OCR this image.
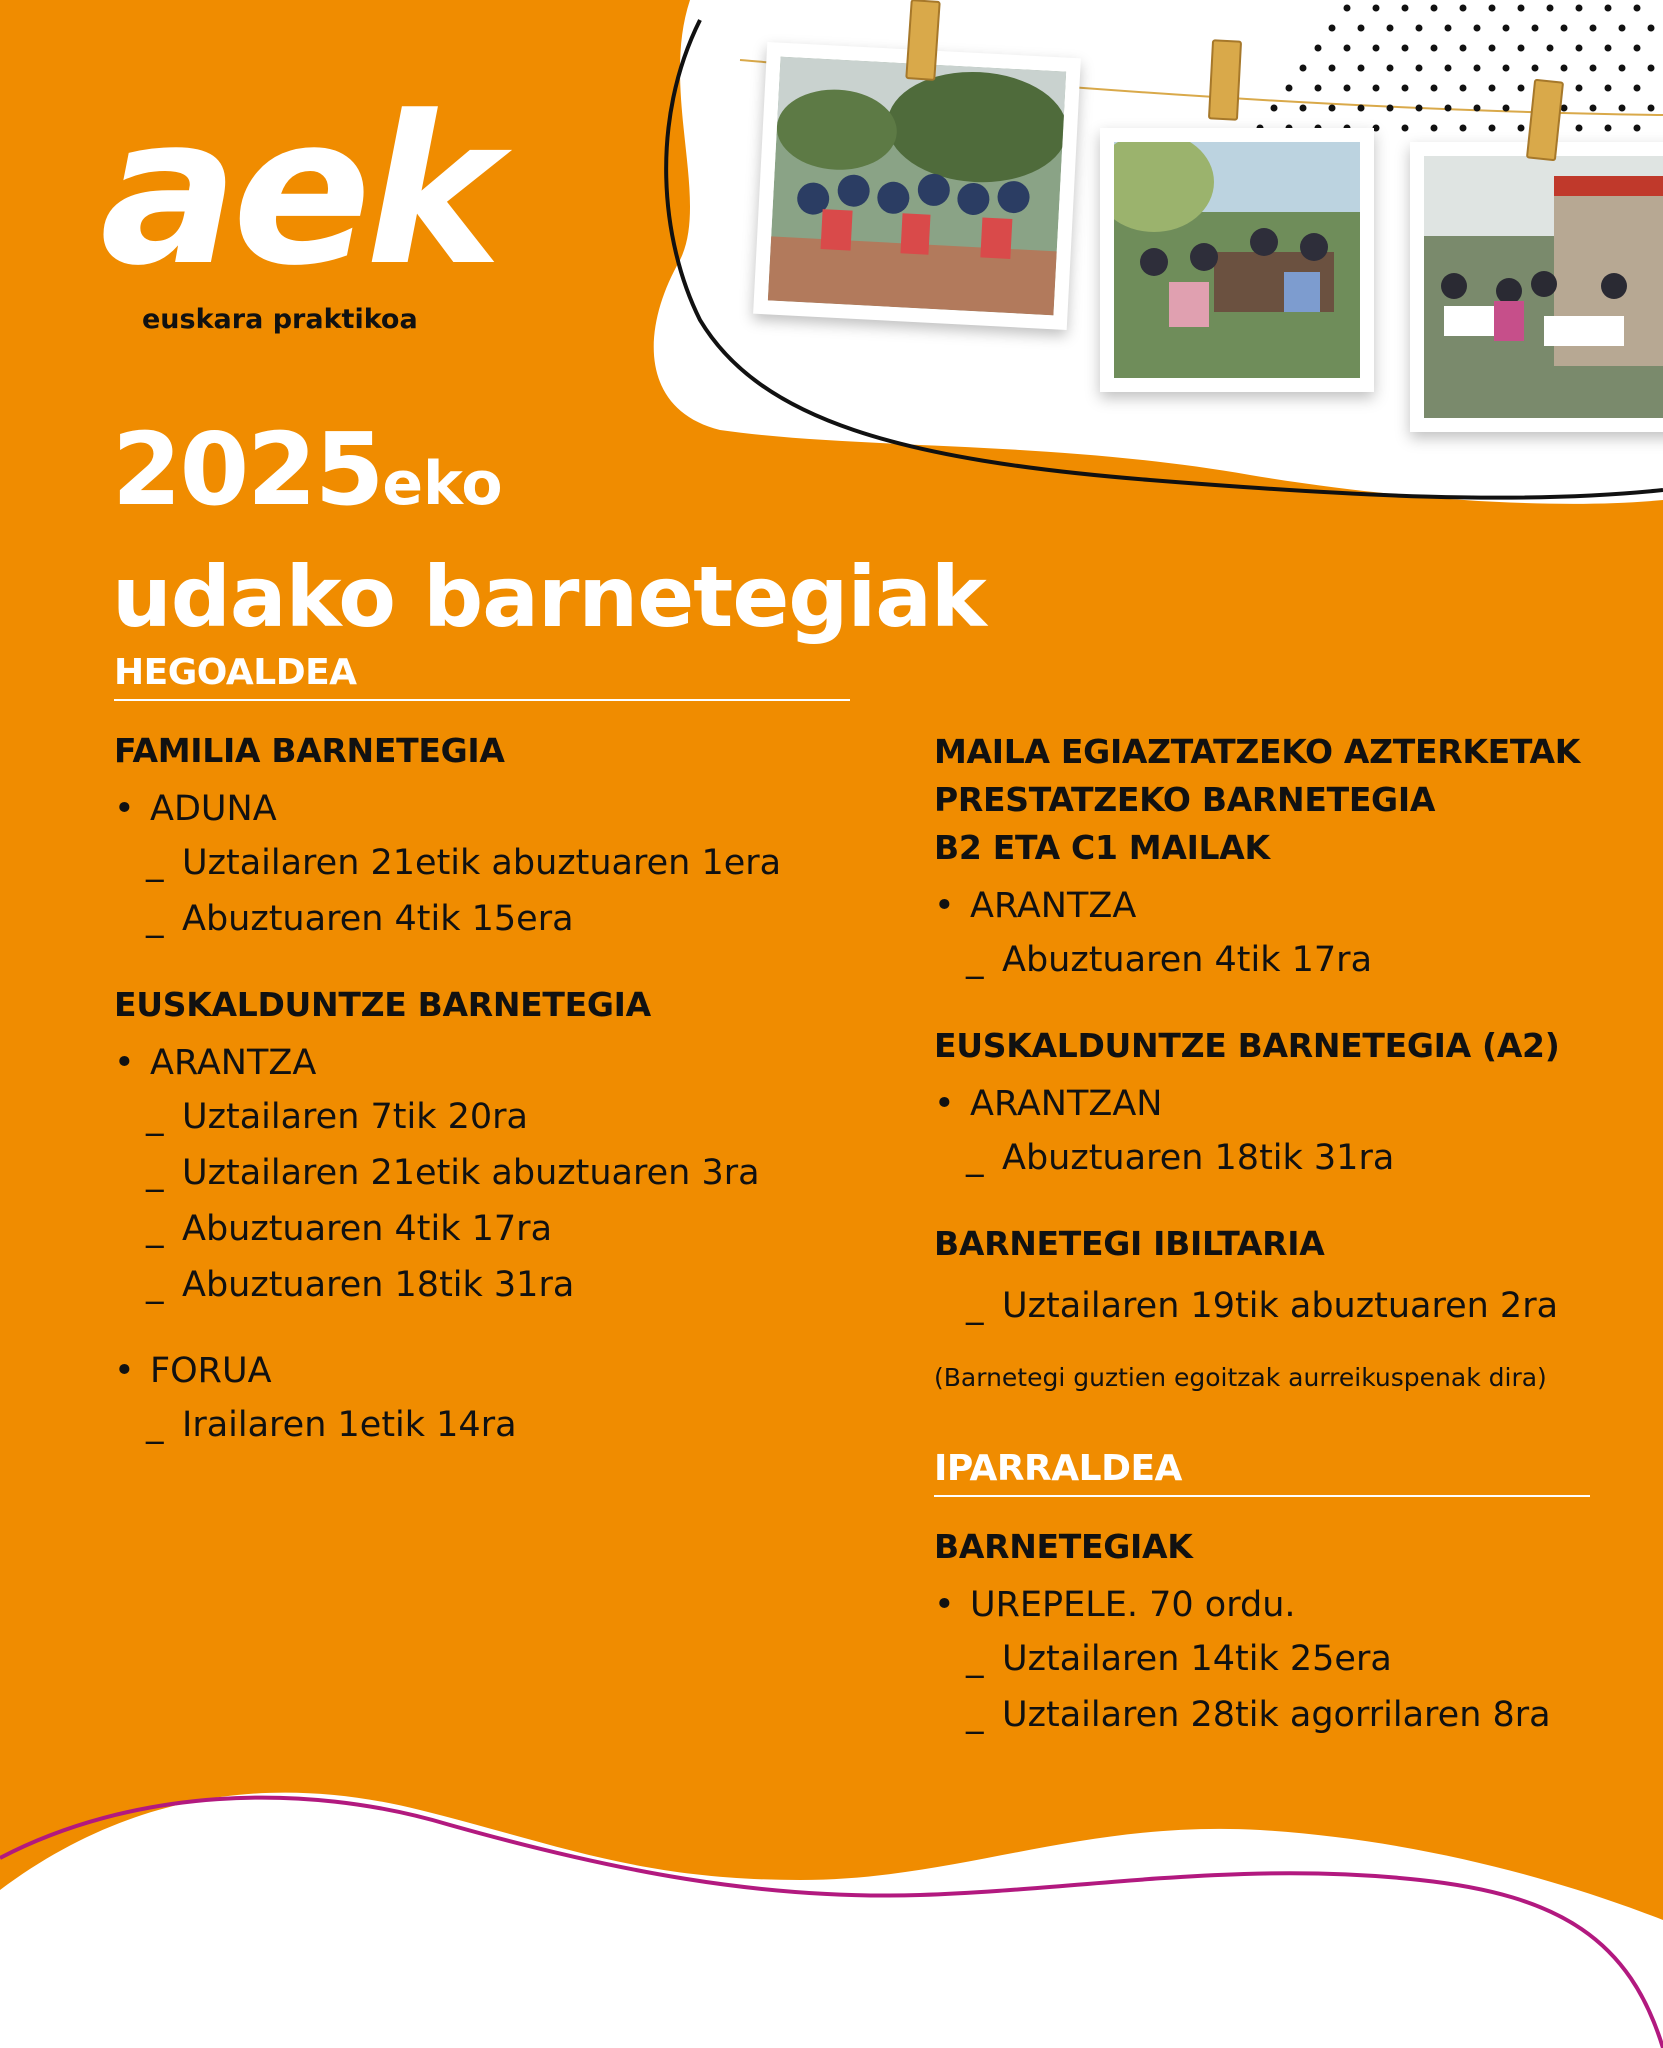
aek
euskara praktikoa
2025eko
udako barnetegiak
HEGOALDEA
FAMILIA BARNETEGIA
• ADUNA
_ Uztailaren 21etik abuztuaren 1era
_ Abuztuaren 4tik 15era
EUSKALDUNTZE BARNETEGIA
• ARANTZA
_ Uztailaren 7tik 20ra
_ Uztailaren 21etik abuztuaren 3ra
_ Abuztuaren 4tik 17ra
_ Abuztuaren 18tik 31ra
• FORUA
_ Irailaren 1etik 14ra
MAILA EGIAZTATZEKO AZTERKETAK
PRESTATZEKO BARNETEGIA
B2 ETA C1 MAILAK
• ARANTZA
_ Abuztuaren 4tik 17ra
EUSKALDUNTZE BARNETEGIA (A2)
• ARANTZAN
_ Abuztuaren 18tik 31ra
BARNETEGI IBILTARIA
_ Uztailaren 19tik abuztuaren 2ra
(Barnetegi guztien egoitzak aurreikuspenak dira)
IPARRALDEA
BARNETEGIAK
• UREPELE. 70 ordu.
_ Uztailaren 14tik 25era
_ Uztailaren 28tik agorrilaren 8ra
